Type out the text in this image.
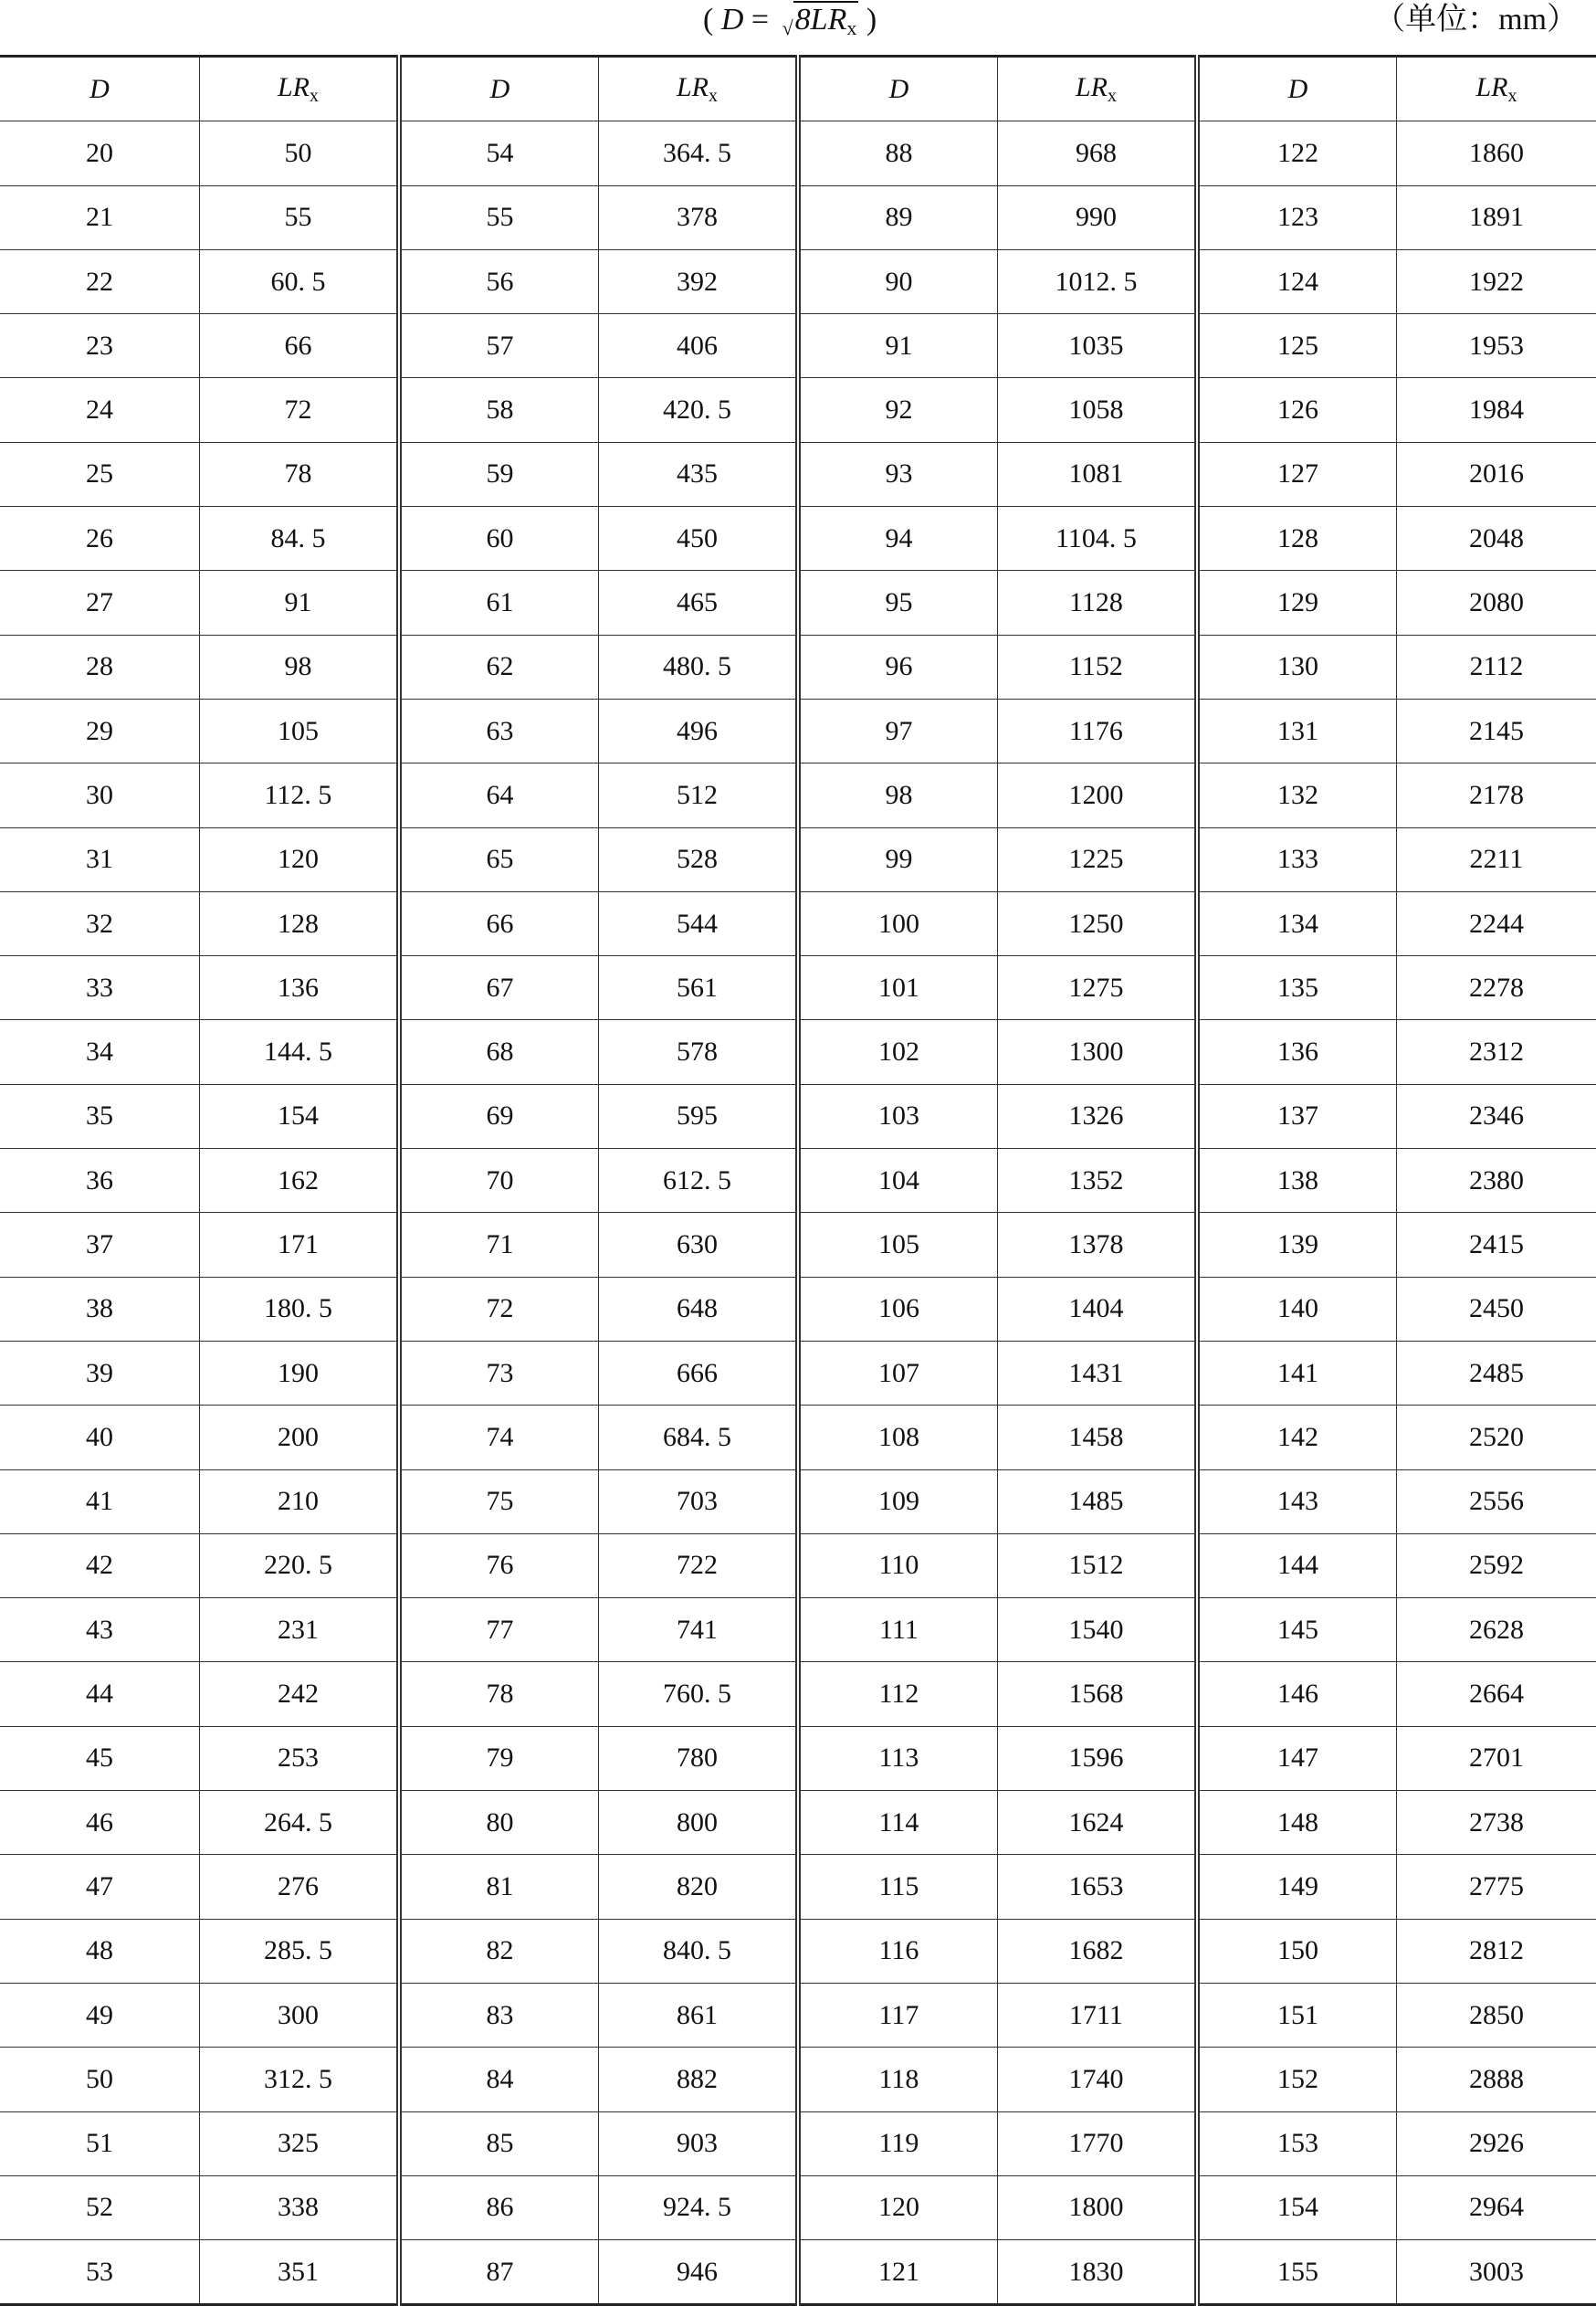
( $D = √8LR_x$ )	（单位：mm）
D	$LR_x$	D	$LR_x$	D	$LR_x$	D	$LR_x$
20	50	54	364. 5	88	968	122	1860
21	55	55	378	89	990	123	1891
22	60. 5	56	392	90	1012. 5	124	1922
23	66	57	406	91	1035	125	1953
24	72	58	420. 5	92	1058	126	1984
25	78	59	435	93	1081	127	2016
26	84. 5	60	450	94	1104. 5	128	2048
27	91	61	465	95	1128	129	2080
28	98	62	480. 5	96	1152	130	2112
29	105	63	496	97	1176	131	2145
30	112. 5	64	512	98	1200	132	2178
31	120	65	528	99	1225	133	2211
32	128	66	544	100	1250	134	2244
33	136	67	561	101	1275	135	2278
34	144. 5	68	578	102	1300	136	2312
35	154	69	595	103	1326	137	2346
36	162	70	612. 5	104	1352	138	2380
37	171	71	630	105	1378	139	2415
38	180. 5	72	648	106	1404	140	2450
39	190	73	666	107	1431	141	2485
40	200	74	684. 5	108	1458	142	2520
41	210	75	703	109	1485	143	2556
42	220. 5	76	722	110	1512	144	2592
43	231	77	741	111	1540	145	2628
44	242	78	760. 5	112	1568	146	2664
45	253	79	780	113	1596	147	2701
46	264. 5	80	800	114	1624	148	2738
47	276	81	820	115	1653	149	2775
48	285. 5	82	840. 5	116	1682	150	2812
49	300	83	861	117	1711	151	2850
50	312. 5	84	882	118	1740	152	2888
51	325	85	903	119	1770	153	2926
52	338	86	924. 5	120	1800	154	2964
53	351	87	946	121	1830	155	3003
